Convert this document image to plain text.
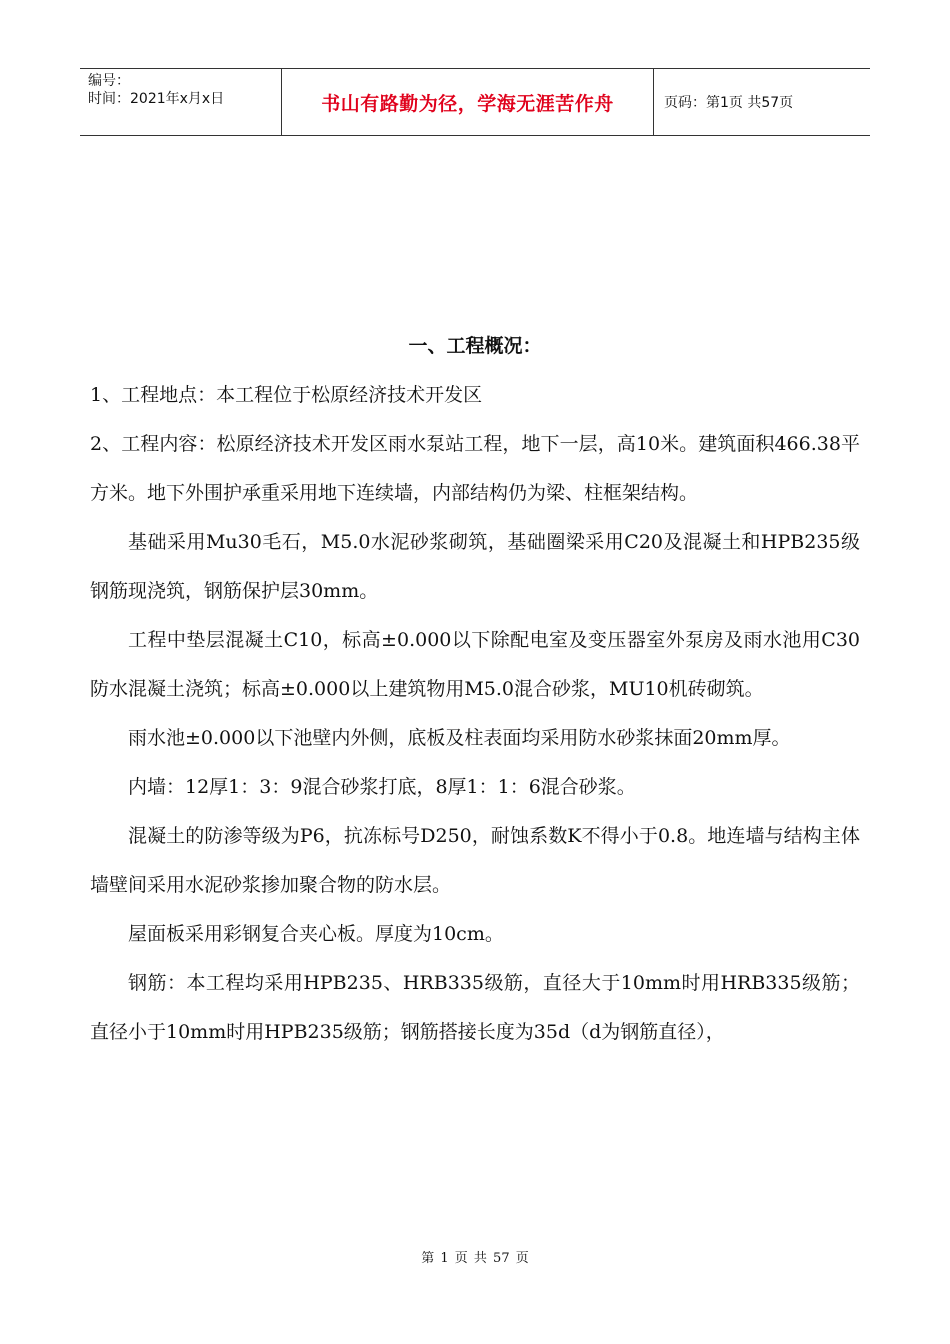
编号：
时间：2021年x月x日	书山有路勤为径，学海无涯苦作舟	页码：第1页 共57页
一、工程概况：

1、工程地点：本工程位于松原经济技术开发区

2、工程内容：松原经济技术开发区雨水泵站工程，地下一层，高10米。建筑面积466.38平方米。地下外围护承重采用地下连续墙，内部结构仍为梁、柱框架结构。

基础采用Mu30毛石，M5.0水泥砂浆砌筑，基础圈梁采用C20及混凝土和HPB235级钢筋现浇筑，钢筋保护层30mm。

工程中垫层混凝土C10，标高±0.000以下除配电室及变压器室外泵房及雨水池用C30防水混凝土浇筑；标高±0.000以上建筑物用M5.0混合砂浆，MU10机砖砌筑。

雨水池±0.000以下池壁内外侧，底板及柱表面均采用防水砂浆抹面20mm厚。

内墙：12厚1：3：9混合砂浆打底，8厚1：1：6混合砂浆。

混凝土的防渗等级为P6，抗冻标号D250，耐蚀系数K不得小于0.8。地连墙与结构主体墙壁间采用水泥砂浆掺加聚合物的防水层。

屋面板采用彩钢复合夹心板。厚度为10cm。

钢筋：本工程均采用HPB235、HRB335级筋，直径大于10mm时用HRB335级筋；直径小于10mm时用HPB235级筋；钢筋搭接长度为35d（d为钢筋直径），

第 1 页 共 57 页
